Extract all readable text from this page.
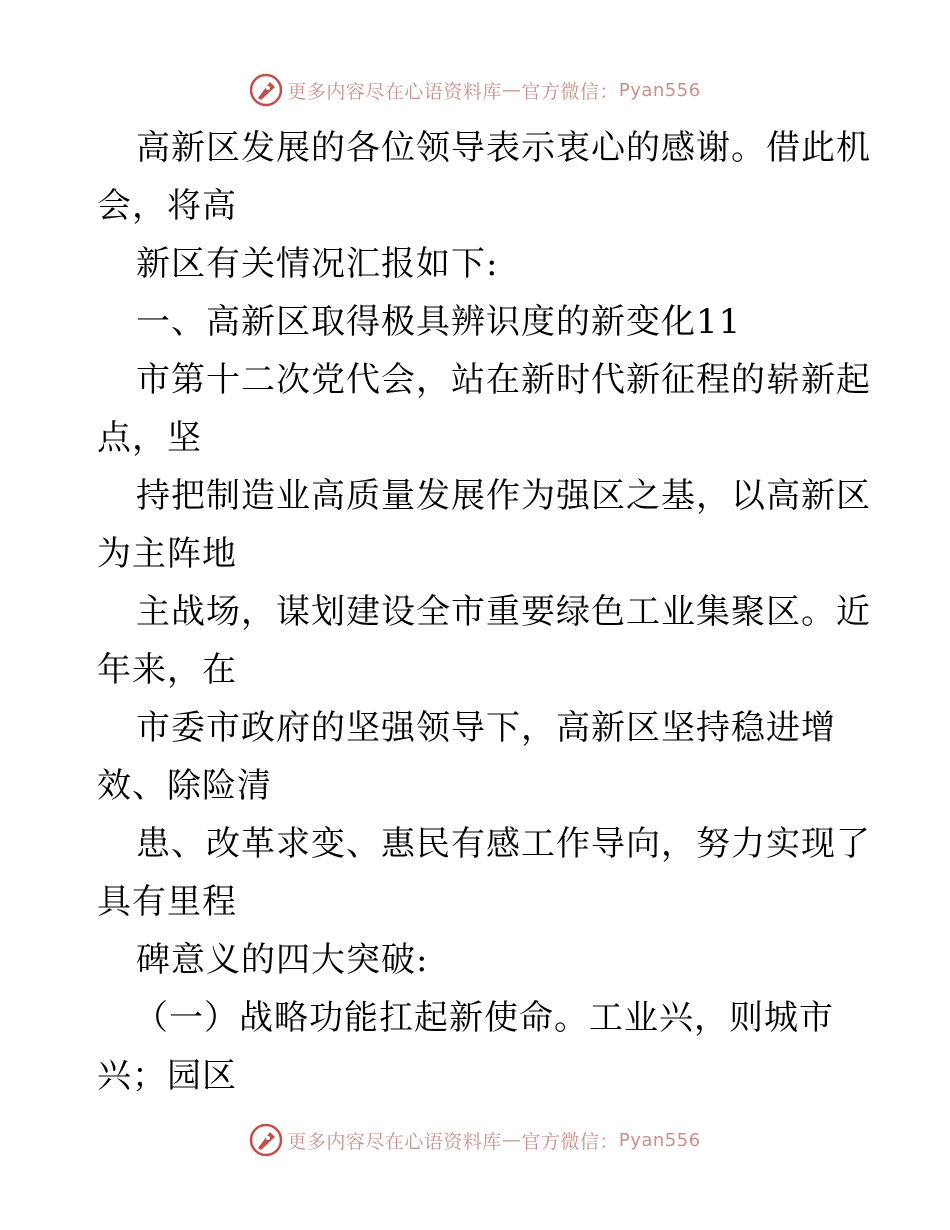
更多内容尽在心语资料库 — 官方微信： Pyan556
高新区发展的各位领导表示衷心的感谢。借此机
会，将高
新区有关情况汇报如下:
一、高新区取得极具辨识度的新变化11
市第十二次党代会，站在新时代新征程的崭新起
点，坚
持把制造业高质量发展作为强区之基，以高新区
为主阵地
主战场，谋划建设全市重要绿色工业集聚区。近
年来，在
市委市政府的坚强领导下，高新区坚持稳进增
效、除险清
患、改革求变、惠民有感工作导向，努力实现了
具有里程
碑意义的四大突破:
（一）战略功能扛起新使命。工业兴，则城市
兴；园区
更多内容尽在心语资料库 — 官方微信： Pyan556
